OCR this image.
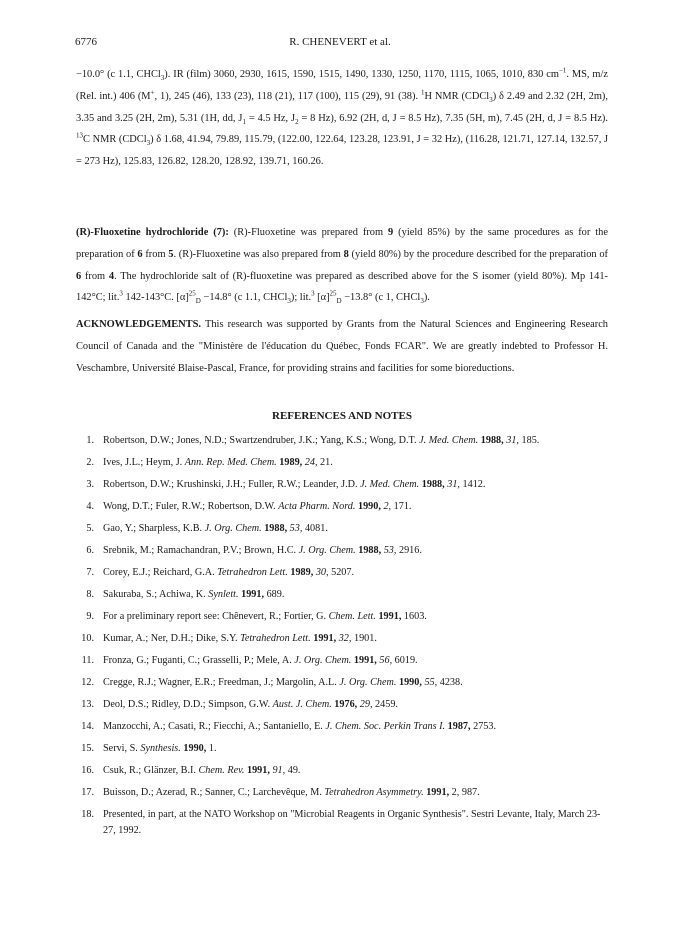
6776	R. CHENEVERT et al.

−10.0° (c 1.1, CHCl$_3$). IR (film) 3060, 2930, 1615, 1590, 1515, 1490, 1330, 1250, 1170, 1115, 1065, 1010, 830 $cm^{-1}$. MS, m/z (Rel. int.) 406 (M+, 1), 245 (46), 133 (23), 118 (21), 117 (100), 115 (29), 91 (38). $^1$H NMR (CDCl$_3$) δ 2.49 and 2.32 (2H, 2m), 3.35 and 3.25 (2H, 2m), 5.31 (1H, dd, $J_1 = 4.5$ Hz, $J_2 = 8$ Hz), 6.92 (2H, d, J = 8.5 Hz), 7.35 (5H, m), 7.45 (2H, d, J = 8.5 Hz). $^{13}$C NMR (CDCl$_3$) δ 1.68, 41.94, 79.89, 115.79, (122.00, 122.64, 123.28, 123.91, J = 32 Hz), (116.28, 121.71, 127.14, 132.57, J = 273 Hz), 125.83, 126.82, 128.20, 128.92, 139.71, 160.26.

(R)-Fluoxetine hydrochloride (7): (R)-Fluoxetine was prepared from 9 (yield 85%) by the same procedures as for the preparation of 6 from 5. (R)-Fluoxetine was also prepared from 8 (yield 80%) by the procedure described for the preparation of 6 from 4. The hydrochloride salt of (R)-fluoxetine was prepared as described above for the S isomer (yield 80%). Mp 141-142°C; lit.$^3$ 142-143°C. $[\alpha]^{25}_D -14.8^\circ$ (c 1.1, CHCl$_3$); lit.$^3$ $[\alpha]^{25}_D -13.8^\circ$ (c 1, CHCl$_3$).

ACKNOWLEDGEMENTS. This research was supported by Grants from the Natural Sciences and Engineering Research Council of Canada and the "Ministère de l'éducation du Québec, Fonds FCAR". We are greatly indebted to Professor H. Veschambre, Université Blaise-Pascal, France, for providing strains and facilities for some bioreductions.

REFERENCES AND NOTES
1. Robertson, D.W.; Jones, N.D.; Swartzendruber, J.K.; Yang, K.S.; Wong, D.T. J. Med. Chem. 1988, 31, 185.
2. Ives, J.L.; Heym, J. Ann. Rep. Med. Chem. 1989, 24, 21.
3. Robertson, D.W.; Krushinski, J.H.; Fuller, R.W.; Leander, J.D. J. Med. Chem. 1988, 31, 1412.
4. Wong, D.T.; Fuler, R.W.; Robertson, D.W. Acta Pharm. Nord. 1990, 2, 171.
5. Gao, Y.; Sharpless, K.B. J. Org. Chem. 1988, 53, 4081.
6. Srebnik, M.; Ramachandran, P.V.; Brown, H.C. J. Org. Chem. 1988, 53, 2916.
7. Corey, E.J.; Reichard, G.A. Tetrahedron Lett. 1989, 30, 5207.
8. Sakuraba, S.; Achiwa, K. Synlett. 1991, 689.
9. For a preliminary report see: Chênevert, R.; Fortier, G. Chem. Lett. 1991, 1603.
10. Kumar, A.; Ner, D.H.; Dike, S.Y. Tetrahedron Lett. 1991, 32, 1901.
11. Fronza, G.; Fuganti, C.; Grasselli, P.; Mele, A. J. Org. Chem. 1991, 56, 6019.
12. Cregge, R.J.; Wagner, E.R.; Freedman, J.; Margolin, A.L. J. Org. Chem. 1990, 55, 4238.
13. Deol, D.S.; Ridley, D.D.; Simpson, G.W. Aust. J. Chem. 1976, 29, 2459.
14. Manzocchi, A.; Casati, R.; Fiecchi, A.; Santaniello, E. J. Chem. Soc. Perkin Trans I. 1987, 2753.
15. Servi, S. Synthesis. 1990, 1.
16. Csuk, R.; Glänzer, B.I. Chem. Rev. 1991, 91, 49.
17. Buisson, D.; Azerad, R.; Sanner, C.; Larchevêque, M. Tetrahedron Asymmetry. 1991, 2, 987.
18. Presented, in part, at the NATO Workshop on "Microbial Reagents in Organic Synthesis". Sestri Levante, Italy, March 23-27, 1992.
